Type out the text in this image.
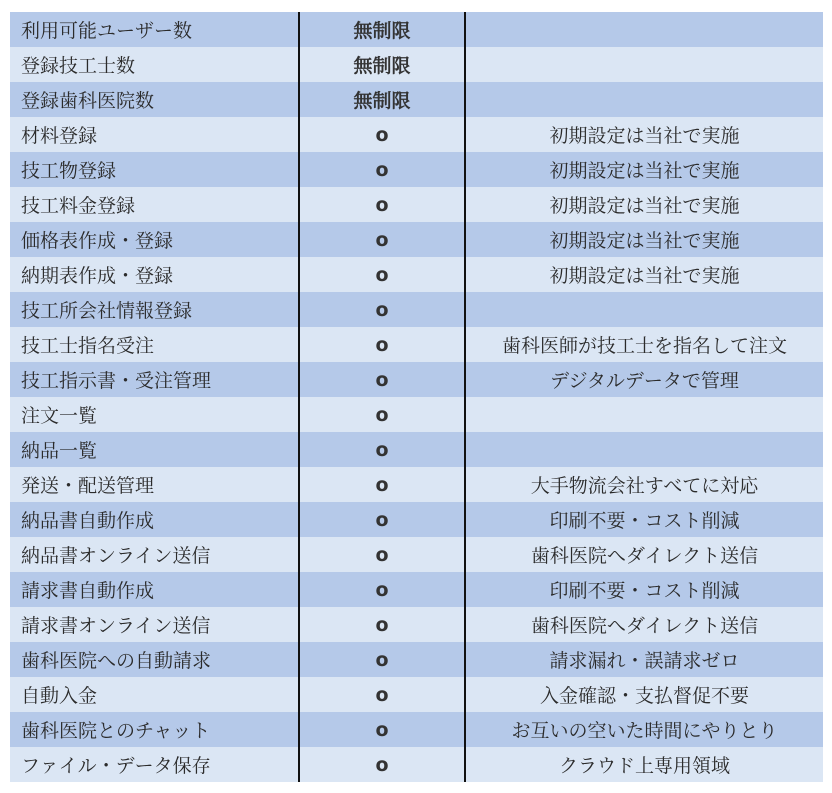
利用可能ユーザー数	無制限
登録技工士数	無制限
登録歯科医院数	無制限
材料登録	o	初期設定は当社で実施
技工物登録	o	初期設定は当社で実施
技工料金登録	o	初期設定は当社で実施
価格表作成・登録	o	初期設定は当社で実施
納期表作成・登録	o	初期設定は当社で実施
技工所会社情報登録	o
技工士指名受注	o	歯科医師が技工士を指名して注文
技工指示書・受注管理	o	デジタルデータで管理
注文一覧	o
納品一覧	o
発送・配送管理	o	大手物流会社すべてに対応
納品書自動作成	o	印刷不要・コスト削減
納品書オンライン送信	o	歯科医院へダイレクト送信
請求書自動作成	o	印刷不要・コスト削減
請求書オンライン送信	o	歯科医院へダイレクト送信
歯科医院への自動請求	o	請求漏れ・誤請求ゼロ
自動入金	o	入金確認・支払督促不要
歯科医院とのチャット	o	お互いの空いた時間にやりとり
ファイル・データ保存	o	クラウド上専用領域
